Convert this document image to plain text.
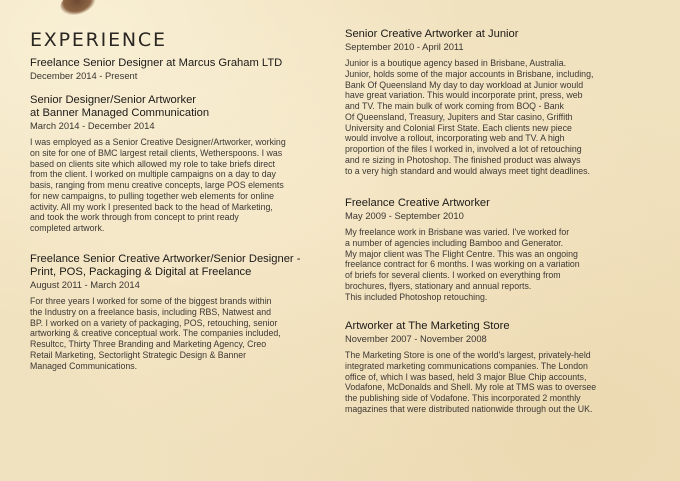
EXPERIENCE

Freelance Senior Designer at Marcus Graham LTD

December 2014 - Present

Senior Designer/Senior Artworker

at Banner Managed Communication

March 2014 - December 2014

I was employed as a Senior Creative Designer/Artworker, working
on site for one of BMC largest retail clients, Wetherspoons. I was
based on clients site which allowed my role to take briefs direct
from the client. I worked on multiple campaigns on a day to day
basis, ranging from menu creative concepts, large POS elements
for new campaigns, to pulling together web elements for online
activity. All my work I presented back to the head of Marketing,
and took the work through from concept to print ready
completed artwork.

Freelance Senior Creative Artworker/Senior Designer -

Print, POS, Packaging & Digital at Freelance

August 2011 - March 2014

For three years I worked for some of the biggest brands within
the Industry on a freelance basis, including RBS, Natwest and
BP. I worked on a variety of packaging, POS, retouching, senior
artworking & creative conceptual work. The companies included,
Resultcc, Thirty Three Branding and Marketing Agency, Creo
Retail Marketing, Sectorlight Strategic Design & Banner
Managed Communications.

Senior Creative Artworker at Junior

September 2010 - April 2011

Junior is a boutique agency based in Brisbane, Australia.
Junior, holds some of the major accounts in Brisbane, including,
Bank Of Queensland My day to day workload at Junior would
have great variation. This would incorporate print, press, web
and TV. The main bulk of work coming from BOQ - Bank
Of Queensland, Treasury, Jupiters and Star casino, Griffith
University and Colonial First State. Each clients new piece
would involve a rollout, incorporating web and TV. A high
proportion of the files I worked in, involved a lot of retouching
and re sizing in Photoshop. The finished product was always
to a very high standard and would always meet tight deadlines.

Freelance Creative Artworker

May 2009 - September 2010

My freelance work in Brisbane was varied. I've worked for
a number of agencies including Bamboo and Generator.
My major client was The Flight Centre. This was an ongoing
freelance contract for 6 months. I was working on a variation
of briefs for several clients. I worked on everything from
brochures, flyers, stationary and annual reports.
This included Photoshop retouching.

Artworker at The Marketing Store

November 2007 - November 2008

The Marketing Store is one of the world's largest, privately-held
integrated marketing communications companies. The London
office of, which I was based, held 3 major Blue Chip accounts,
Vodafone, McDonalds and Shell. My role at TMS was to oversee
the publishing side of Vodafone. This incorporated 2 monthly
magazines that were distributed nationwide through out the UK.
